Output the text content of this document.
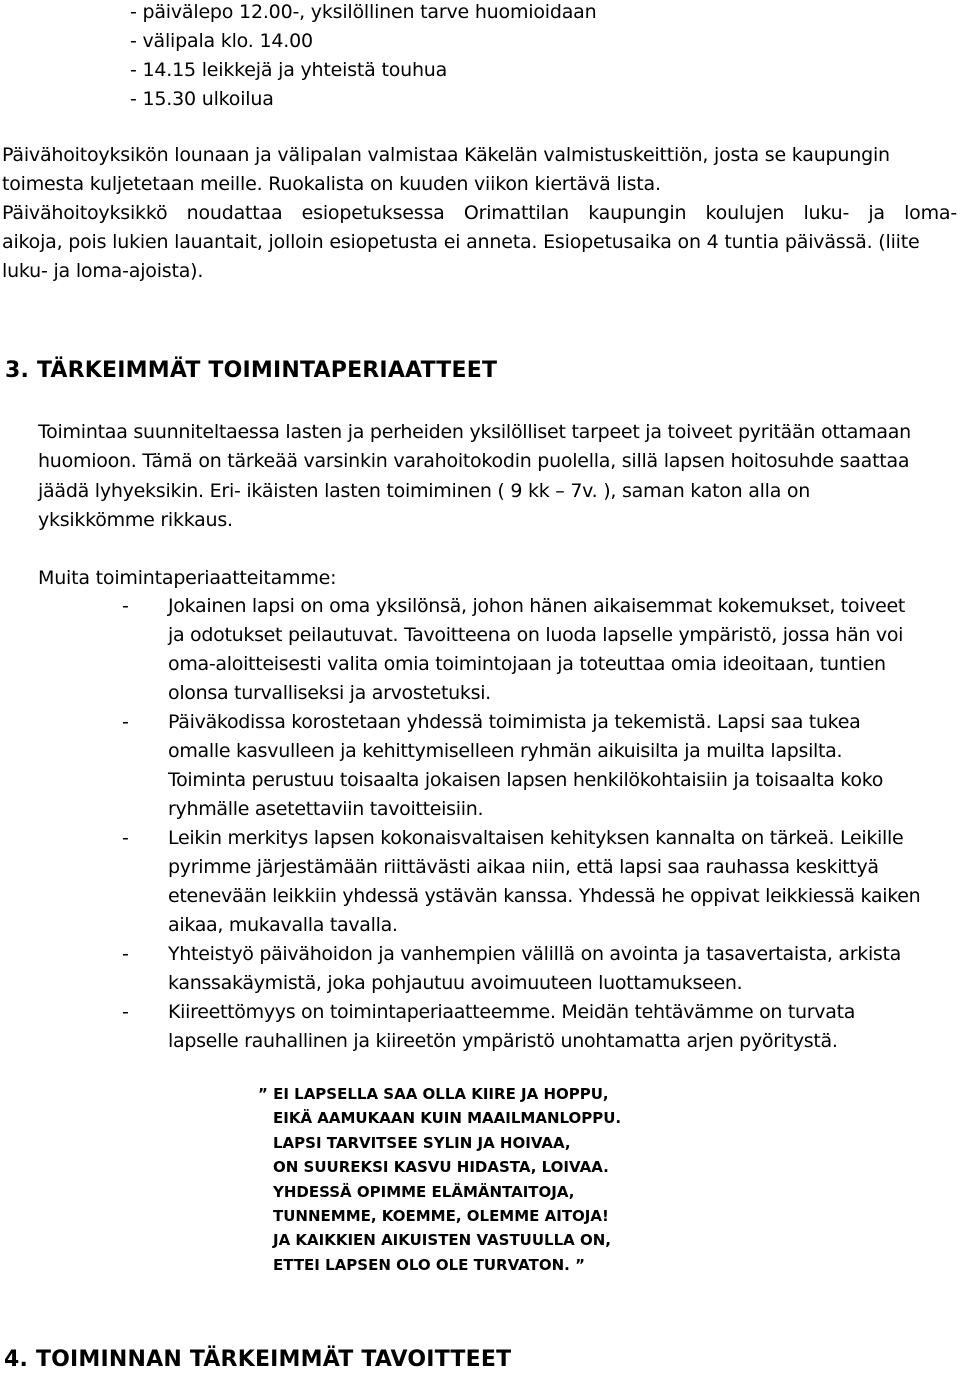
- päivälepo 12.00-, yksilöllinen tarve huomioidaan
- välipala klo. 14.00
- 14.15 leikkejä ja yhteistä touhua
- 15.30 ulkoilua
Päivähoitoyksikön lounaan ja välipalan valmistaa Käkelän valmistuskeittiön, josta se kaupungin
toimesta kuljetetaan meille. Ruokalista on kuuden viikon kiertävä lista.
Päivähoitoyksikkö noudattaa esiopetuksessa Orimattilan kaupungin koulujen luku- ja loma-
aikoja, pois lukien lauantait, jolloin esiopetusta ei anneta. Esiopetusaika on 4 tuntia päivässä. (liite
luku- ja loma-ajoista).
3. TÄRKEIMMÄT TOIMINTAPERIAATTEET
Toimintaa suunniteltaessa lasten ja perheiden yksilölliset tarpeet ja toiveet pyritään ottamaan
huomioon. Tämä on tärkeää varsinkin varahoitokodin puolella, sillä lapsen hoitosuhde saattaa
jäädä lyhyeksikin. Eri- ikäisten lasten toimiminen ( 9 kk – 7v. ), saman katon alla on
yksikkömme rikkaus.
Muita toimintaperiaatteitamme:
- Jokainen lapsi on oma yksilönsä, johon hänen aikaisemmat kokemukset, toiveet
ja odotukset peilautuvat. Tavoitteena on luoda lapselle ympäristö, jossa hän voi
oma-aloitteisesti valita omia toimintojaan ja toteuttaa omia ideoitaan, tuntien
olonsa turvalliseksi ja arvostetuksi.
- Päiväkodissa korostetaan yhdessä toimimista ja tekemistä. Lapsi saa tukea
omalle kasvulleen ja kehittymiselleen ryhmän aikuisilta ja muilta lapsilta.
Toiminta perustuu toisaalta jokaisen lapsen henkilökohtaisiin ja toisaalta koko
ryhmälle asetettaviin tavoitteisiin.
- Leikin merkitys lapsen kokonaisvaltaisen kehityksen kannalta on tärkeä. Leikille
pyrimme järjestämään riittävästi aikaa niin, että lapsi saa rauhassa keskittyä
etenevään leikkiin yhdessä ystävän kanssa. Yhdessä he oppivat leikkiessä kaiken
aikaa, mukavalla tavalla.
- Yhteistyö päivähoidon ja vanhempien välillä on avointa ja tasavertaista, arkista
kanssakäymistä, joka pohjautuu avoimuuteen luottamukseen.
- Kiireettömyys on toimintaperiaatteemme. Meidän tehtävämme on turvata
lapselle rauhallinen ja kiireetön ympäristö unohtamatta arjen pyöritystä.
” EI LAPSELLA SAA OLLA KIIRE JA HOPPU,
EIKÄ AAMUKAAN KUIN MAAILMANLOPPU.
LAPSI TARVITSEE SYLIN JA HOIVAA,
ON SUUREKSI KASVU HIDASTA, LOIVAA.
YHDESSÄ OPIMME ELÄMÄNTAITOJA,
TUNNEMME, KOEMME, OLEMME AITOJA!
JA KAIKKIEN AIKUISTEN VASTUULLA ON,
ETTEI LAPSEN OLO OLE TURVATON. ”
4. TOIMINNAN TÄRKEIMMÄT TAVOITTEET
